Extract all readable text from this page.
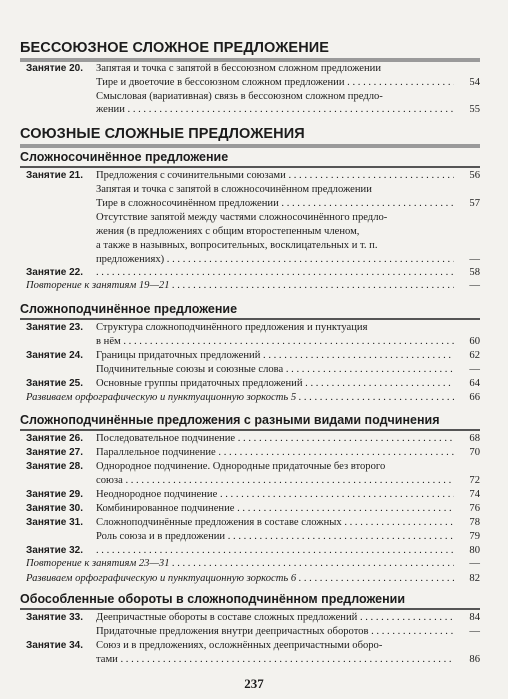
БЕССОЮЗНОЕ СЛОЖНОЕ ПРЕДЛОЖЕНИЕ
Занятие 20. Запятая и точка с запятой в бессоюзном сложном предложении
Тире и двоеточие в бессоюзном сложном предложении . . .	54
Смысловая (вариативная) связь в бессоюзном сложном предло-
жении . . .	55
СОЮЗНЫЕ СЛОЖНЫЕ ПРЕДЛОЖЕНИЯ
Сложносочинённое предложение
Занятие 21. Предложения с сочинительными союзами . . .	56
Запятая и точка с запятой в сложносочинённом предложении
Тире в сложносочинённом предложении . . .	57
Отсутствие запятой между частями сложносочинённого предло-
жения (в предложениях с общим второстепенным членом,
а также в назывных, вопросительных, восклицательных и т. п.
предложениях) . . .	—
Занятие 22. . . .	58
Повторение к занятиям 19—21 . . .	—
Сложноподчинённое предложение
Занятие 23. Структура сложноподчинённого предложения и пунктуация
в нём . . .	60
Занятие 24. Границы придаточных предложений . . .	62
Подчинительные союзы и союзные слова . . .	—
Занятие 25. Основные группы придаточных предложений . . .	64
Развиваем орфографическую и пунктуационную зоркость 5 . . .	66
Сложноподчинённые предложения с разными видами подчинения
Занятие 26. Последовательное подчинение . . .	68
Занятие 27. Параллельное подчинение . . .	70
Занятие 28. Однородное подчинение. Однородные придаточные без второго
союза . . .	72
Занятие 29. Неоднородное подчинение . . .	74
Занятие 30. Комбинированное подчинение . . .	76
Занятие 31. Сложноподчинённые предложения в составе сложных . . .	78
Роль союза и в предложении . . .	79
Занятие 32. . . .	80
Повторение к занятиям 23—31 . . .	—
Развиваем орфографическую и пунктуационную зоркость 6 . . .	82
Обособленные обороты в сложноподчинённом предложении
Занятие 33. Деепричастные обороты в составе сложных предложений . . .	84
Придаточные предложения внутри деепричастных оборотов . . .	—
Занятие 34. Союз и в предложениях, осложнённых деепричастными оборо-
тами . . .	86
237
